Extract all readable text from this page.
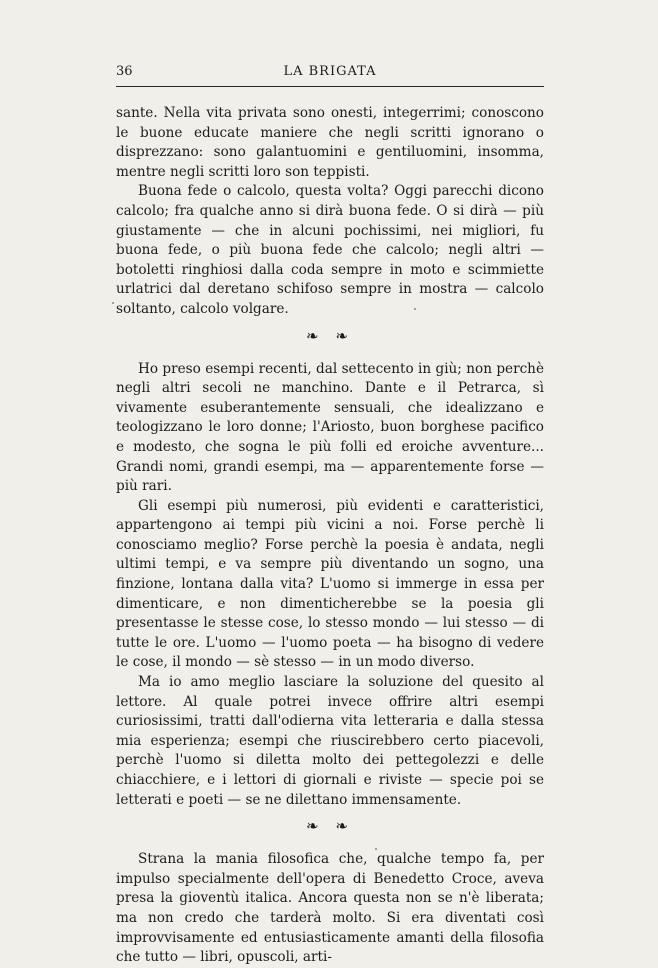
36	LA BRIGATA

sante. Nella vita privata sono onesti, integerrimi; conoscono le buone educate maniere che negli scritti ignorano o disprezzano: sono galantuomini e gentiluomini, insomma, mentre negli scritti loro son teppisti.

Buona fede o calcolo, questa volta? Oggi parecchi dicono calcolo; fra qualche anno si dirà buona fede. O si dirà — più giustamente — che in alcuni pochissimi, nei migliori, fu buona fede, o più buona fede che calcolo; negli altri — botoletti ringhiosi dalla coda sempre in moto e scimmiette urlatrici dal deretano schifoso sempre in mostra — calcolo soltanto, calcolo volgare.

❧ ❧

Ho preso esempi recenti, dal settecento in giù; non perchè negli altri secoli ne manchino. Dante e il Petrarca, sì vivamente esuberantemente sensuali, che idealizzano e teologizzano le loro donne; l'Ariosto, buon borghese pacifico e modesto, che sogna le più folli ed eroiche avventure... Grandi nomi, grandi esempi, ma — apparentemente forse — più rari.

Gli esempi più numerosi, più evidenti e caratteristici, appartengono ai tempi più vicini a noi. Forse perchè li conosciamo meglio? Forse perchè la poesia è andata, negli ultimi tempi, e va sempre più diventando un sogno, una finzione, lontana dalla vita? L'uomo si immerge in essa per dimenticare, e non dimenticherebbe se la poesia gli presentasse le stesse cose, lo stesso mondo — lui stesso — di tutte le ore. L'uomo — l'uomo poeta — ha bisogno di vedere le cose, il mondo — sè stesso — in un modo diverso.

Ma io amo meglio lasciare la soluzione del quesito al lettore. Al quale potrei invece offrire altri esempi curiosissimi, tratti dall'odierna vita letteraria e dalla stessa mia esperienza; esempi che riuscirebbero certo piacevoli, perchè l'uomo si diletta molto dei pettegolezzi e delle chiacchiere, e i lettori di giornali e riviste — specie poi se letterati e poeti — se ne dilettano immensamente.

❧ ❧

Strana la mania filosofica che, qualche tempo fa, per impulso specialmente dell'opera di Benedetto Croce, aveva presa la gioventù italica. Ancora questa non se n'è liberata; ma non credo che tarderà molto. Si era diventati così improvvisamente ed entusiasticamente amanti della filosofia che tutto — libri, opuscoli, arti-
